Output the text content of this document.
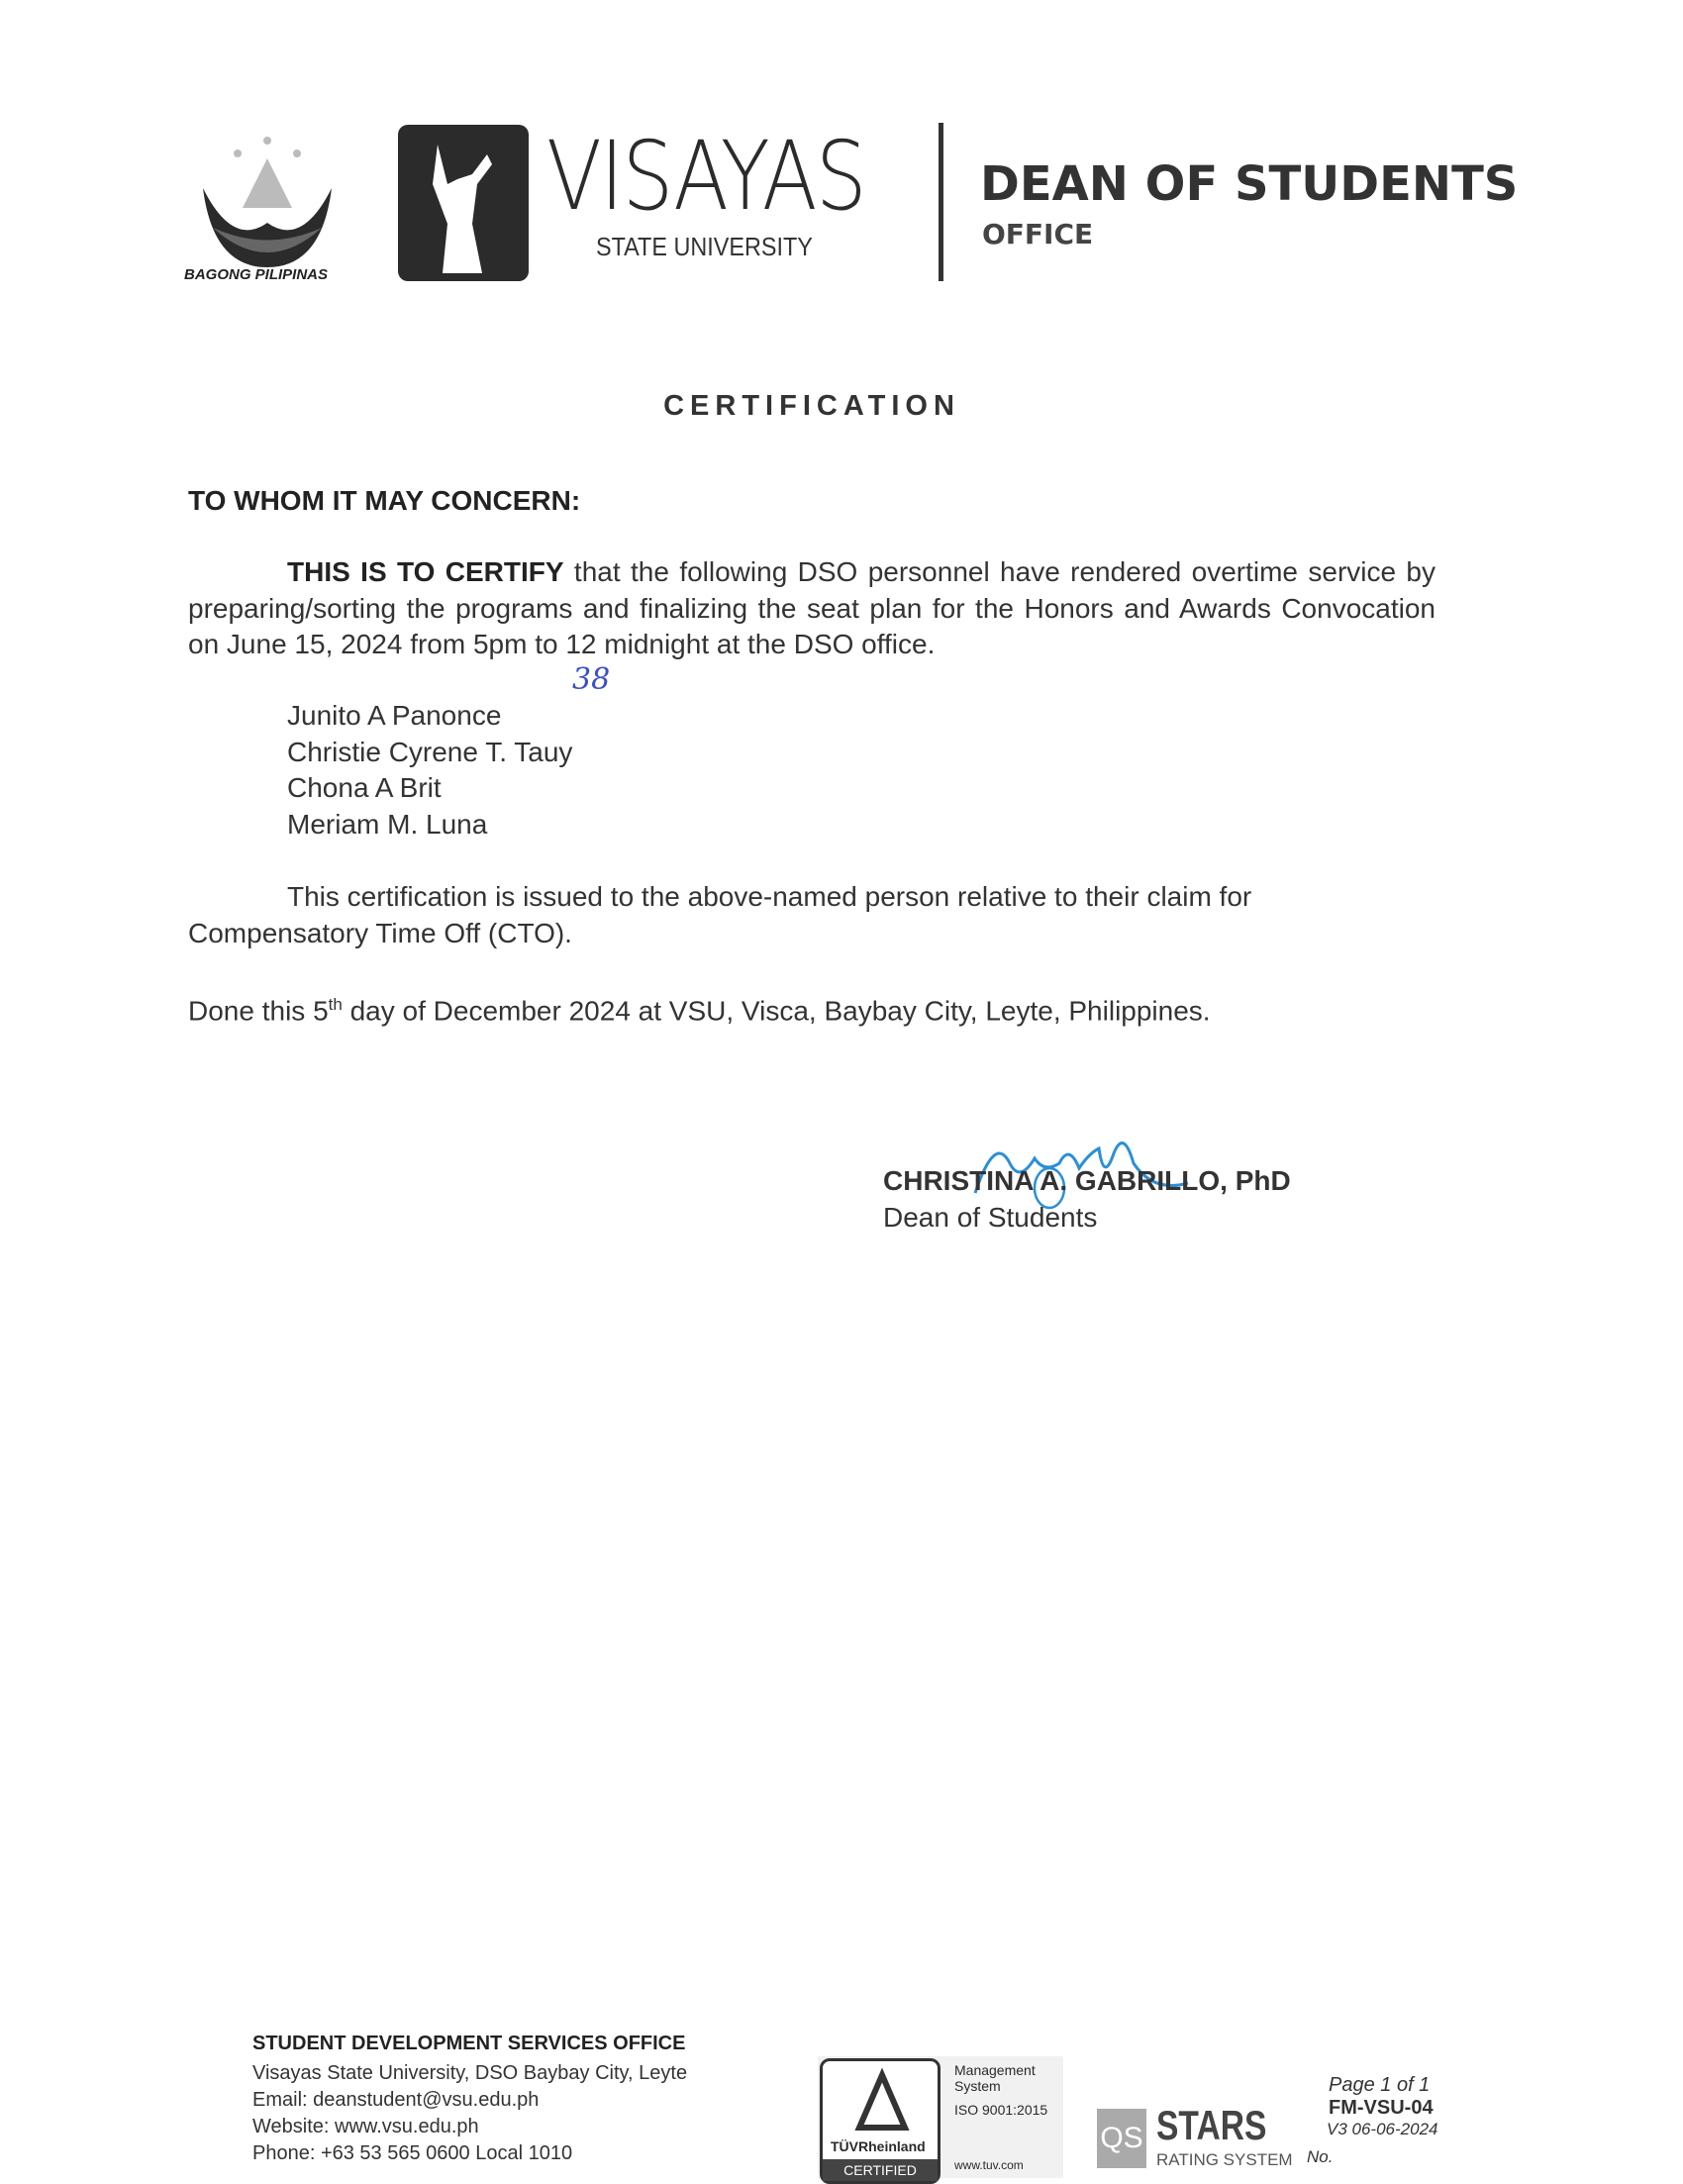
BAGONG PILIPINAS
VISAYAS
STATE UNIVERSITY
DEAN OF STUDENTS
OFFICE
CERTIFICATION
TO WHOM IT MAY CONCERN:
THIS IS TO CERTIFY that the following DSO personnel have rendered overtime service by preparing/sorting the programs and finalizing the seat plan for the Honors and Awards Convocation on June 15, 2024 from 5pm to 12 midnight at the DSO office.
38
Junito A Panonce
Christie Cyrene T. Tauy
Chona A Brit
Meriam M. Luna
This certification is issued to the above-named person relative to their claim for Compensatory Time Off (CTO).
Done this 5th day of December 2024 at VSU, Visca, Baybay City, Leyte, Philippines.
CHRISTINA A. GABRILLO, PhD
Dean of Students
STUDENT DEVELOPMENT SERVICES OFFICE
Visayas State University, DSO Baybay City, Leyte
Email: deanstudent@vsu.edu.ph
Website: www.vsu.edu.ph
Phone: +63 53 565 0600 Local 1010	TÜVRheinland
CERTIFIED
Management System
ISO 9001:2015
www.tuv.com
QS STARS
RATING SYSTEM
Page 1 of 1
FM-VSU-04
V3 06-06-2024
No.
